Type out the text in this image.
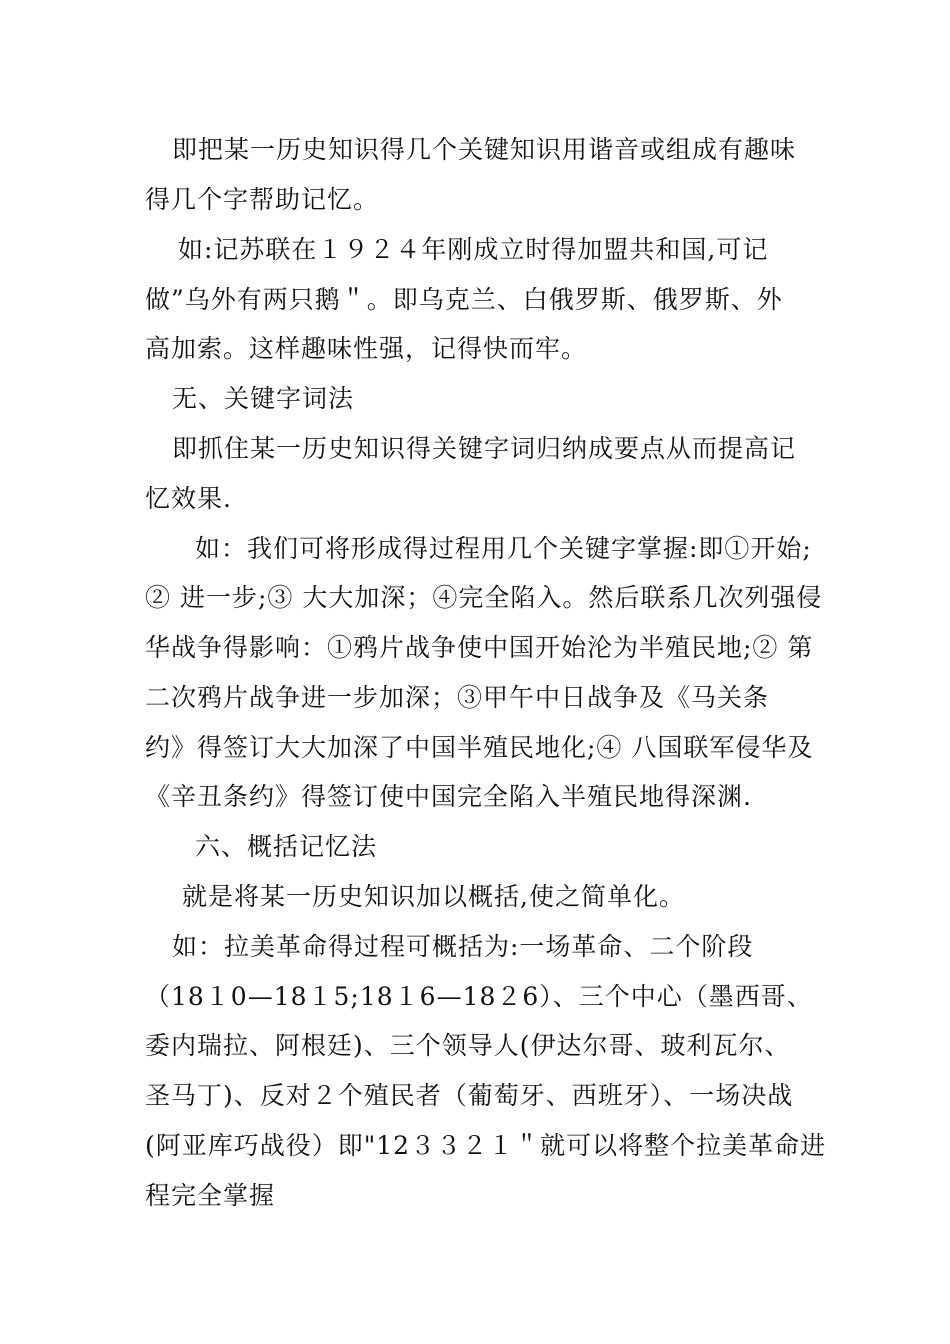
即把某一历史知识得几个关键知识用谐音或组成有趣味
得几个字帮助记忆。
如:记苏联在１９２４年刚成立时得加盟共和国,可记
做”乌外有两只鹅＂。即乌克兰、白俄罗斯、俄罗斯、外
高加索。这样趣味性强，记得快而牢。
无、关键字词法
即抓住某一历史知识得关键字词归纳成要点从而提高记
忆效果.
如：我们可将形成得过程用几个关键字掌握:即①开始;
② 进一步;③ 大大加深；④完全陷入。然后联系几次列强侵
华战争得影响：①鸦片战争使中国开始沦为半殖民地;② 第
二次鸦片战争进一步加深；③甲午中日战争及《马关条
约》得签订大大加深了中国半殖民地化;④ 八国联军侵华及
《辛丑条约》得签订使中国完全陷入半殖民地得深渊.
六、概括记忆法
就是将某一历史知识加以概括,使之简单化。
如：拉美革命得过程可概括为:一场革命、二个阶段
（18１0—18１5;18１6—18２6）、三个中心（墨西哥、
委内瑞拉、阿根廷)、三个领导人(伊达尔哥、玻利瓦尔、
圣马丁)、反对２个殖民者（葡萄牙、西班牙）、一场决战
(阿亚库巧战役）即"12３３２１＂就可以将整个拉美革命进
程完全掌握
